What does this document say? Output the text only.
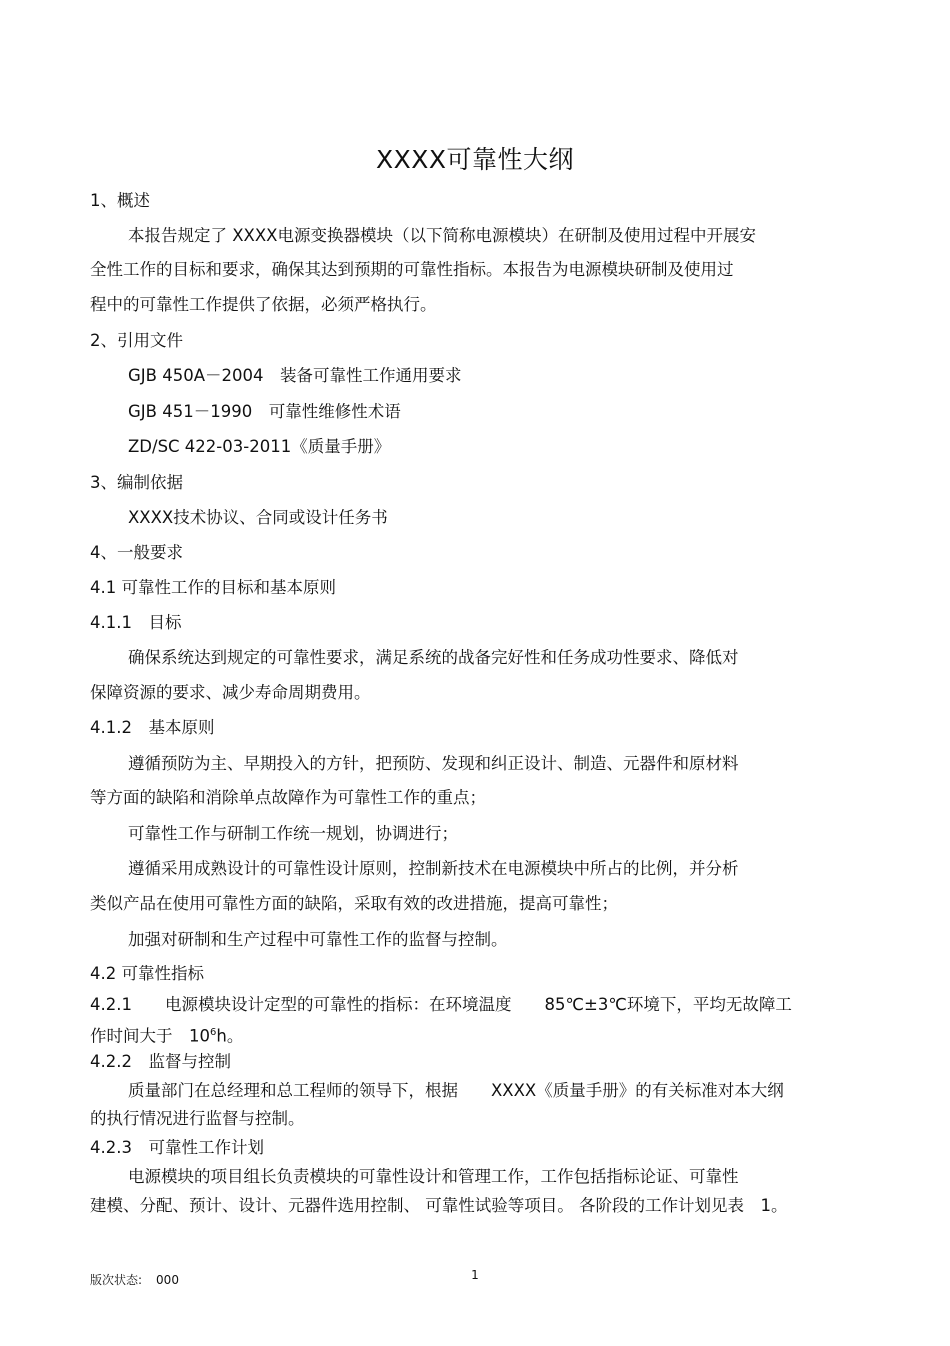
XXXX可靠性大纲
1、概述
本报告规定了 XXXX电源变换器模块（以下简称电源模块）在研制及使用过程中开展安
全性工作的目标和要求，确保其达到预期的可靠性指标。本报告为电源模块研制及使用过
程中的可靠性工作提供了依据，必须严格执行。
2、引用文件
GJB 450A－2004　装备可靠性工作通用要求
GJB 451－1990　可靠性维修性术语
ZD/SC 422-03-2011《质量手册》
3、编制依据
XXXX技术协议、合同或设计任务书
4、一般要求
4.1 可靠性工作的目标和基本原则
4.1.1　目标
确保系统达到规定的可靠性要求，满足系统的战备完好性和任务成功性要求、降低对
保障资源的要求、减少寿命周期费用。
4.1.2　基本原则
遵循预防为主、早期投入的方针，把预防、发现和纠正设计、制造、元器件和原材料
等方面的缺陷和消除单点故障作为可靠性工作的重点；
可靠性工作与研制工作统一规划，协调进行；
遵循采用成熟设计的可靠性设计原则，控制新技术在电源模块中所占的比例，并分析
类似产品在使用可靠性方面的缺陷，采取有效的改进措施，提高可靠性；
加强对研制和生产过程中可靠性工作的监督与控制。
4.2 可靠性指标
4.2.1　　电源模块设计定型的可靠性的指标：在环境温度　　85℃±3℃环境下，平均无故障工
作时间大于　$10^6h$。
4.2.2　监督与控制
质量部门在总经理和总工程师的领导下，根据　　XXXX《质量手册》的有关标准对本大纲
的执行情况进行监督与控制。
4.2.3　可靠性工作计划
电源模块的项目组长负责模块的可靠性设计和管理工作，工作包括指标论证、可靠性
建模、分配、预计、设计、元器件选用控制、 可靠性试验等项目。 各阶段的工作计划见表　1。
1
版次状态: 000
